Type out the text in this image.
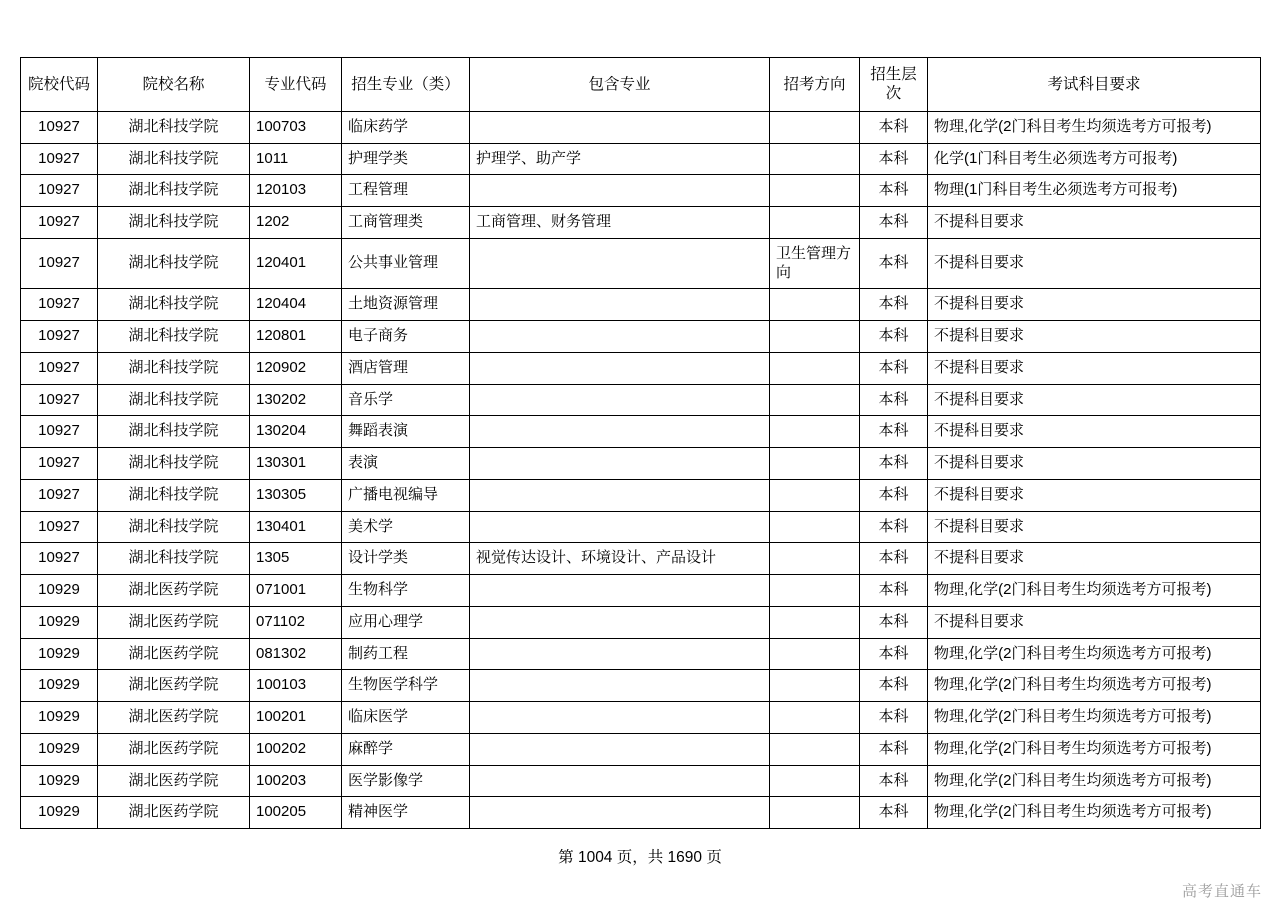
院校代码	院校名称	专业代码	招生专业（类）	包含专业	招考方向	招生层次	考试科目要求
10927	湖北科技学院	100703	临床药学			本科	物理,化学(2门科目考生均须选考方可报考)
10927	湖北科技学院	1011	护理学类	护理学、助产学		本科	化学(1门科目考生必须选考方可报考)
10927	湖北科技学院	120103	工程管理			本科	物理(1门科目考生必须选考方可报考)
10927	湖北科技学院	1202	工商管理类	工商管理、财务管理		本科	不提科目要求
10927	湖北科技学院	120401	公共事业管理		卫生管理方向	本科	不提科目要求
10927	湖北科技学院	120404	土地资源管理			本科	不提科目要求
10927	湖北科技学院	120801	电子商务			本科	不提科目要求
10927	湖北科技学院	120902	酒店管理			本科	不提科目要求
10927	湖北科技学院	130202	音乐学			本科	不提科目要求
10927	湖北科技学院	130204	舞蹈表演			本科	不提科目要求
10927	湖北科技学院	130301	表演			本科	不提科目要求
10927	湖北科技学院	130305	广播电视编导			本科	不提科目要求
10927	湖北科技学院	130401	美术学			本科	不提科目要求
10927	湖北科技学院	1305	设计学类	视觉传达设计、环境设计、产品设计		本科	不提科目要求
10929	湖北医药学院	071001	生物科学			本科	物理,化学(2门科目考生均须选考方可报考)
10929	湖北医药学院	071102	应用心理学			本科	不提科目要求
10929	湖北医药学院	081302	制药工程			本科	物理,化学(2门科目考生均须选考方可报考)
10929	湖北医药学院	100103	生物医学科学			本科	物理,化学(2门科目考生均须选考方可报考)
10929	湖北医药学院	100201	临床医学			本科	物理,化学(2门科目考生均须选考方可报考)
10929	湖北医药学院	100202	麻醉学			本科	物理,化学(2门科目考生均须选考方可报考)
10929	湖北医药学院	100203	医学影像学			本科	物理,化学(2门科目考生均须选考方可报考)
10929	湖北医药学院	100205	精神医学			本科	物理,化学(2门科目考生均须选考方可报考)
第 1004 页，共 1690 页
高考直通车
